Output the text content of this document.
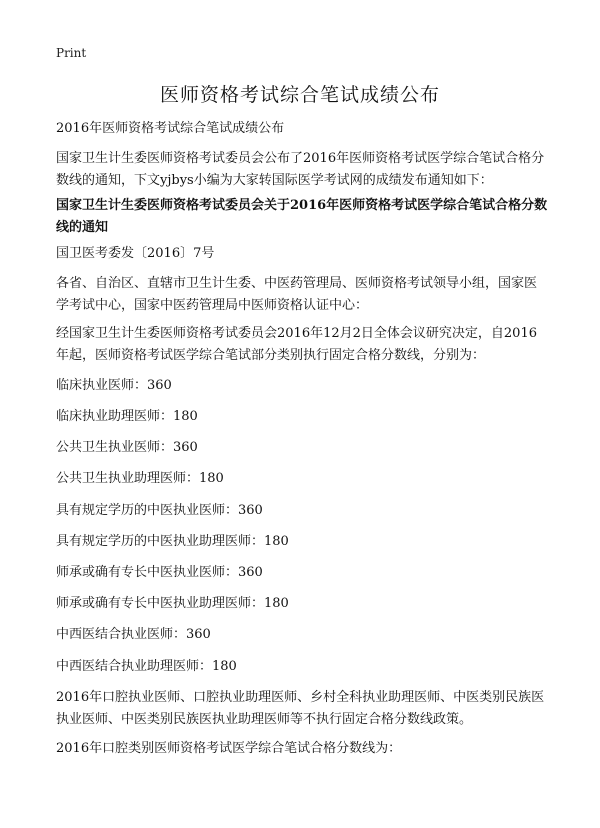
Print
医师资格考试综合笔试成绩公布

2016年医师资格考试综合笔试成绩公布

国家卫生计生委医师资格考试委员会公布了2016年医师资格考试医学综合笔试合格分数线的通知，下文yjbys小编为大家转国际医学考试网的成绩发布通知如下：

国家卫生计生委医师资格考试委员会关于2016年医师资格考试医学综合笔试合格分数线的通知

国卫医考委发〔2016〕7号

各省、自治区、直辖市卫生计生委、中医药管理局、医师资格考试领导小组，国家医学考试中心，国家中医药管理局中医师资格认证中心：

经国家卫生计生委医师资格考试委员会2016年12月2日全体会议研究决定，自2016年起，医师资格考试医学综合笔试部分类别执行固定合格分数线，分别为：

临床执业医师：360

临床执业助理医师：180

公共卫生执业医师：360

公共卫生执业助理医师：180

具有规定学历的中医执业医师：360

具有规定学历的中医执业助理医师：180

师承或确有专长中医执业医师：360

师承或确有专长中医执业助理医师：180

中西医结合执业医师：360

中西医结合执业助理医师：180

2016年口腔执业医师、口腔执业助理医师、乡村全科执业助理医师、中医类别民族医执业医师、中医类别民族医执业助理医师等不执行固定合格分数线政策。

2016年口腔类别医师资格考试医学综合笔试合格分数线为：
